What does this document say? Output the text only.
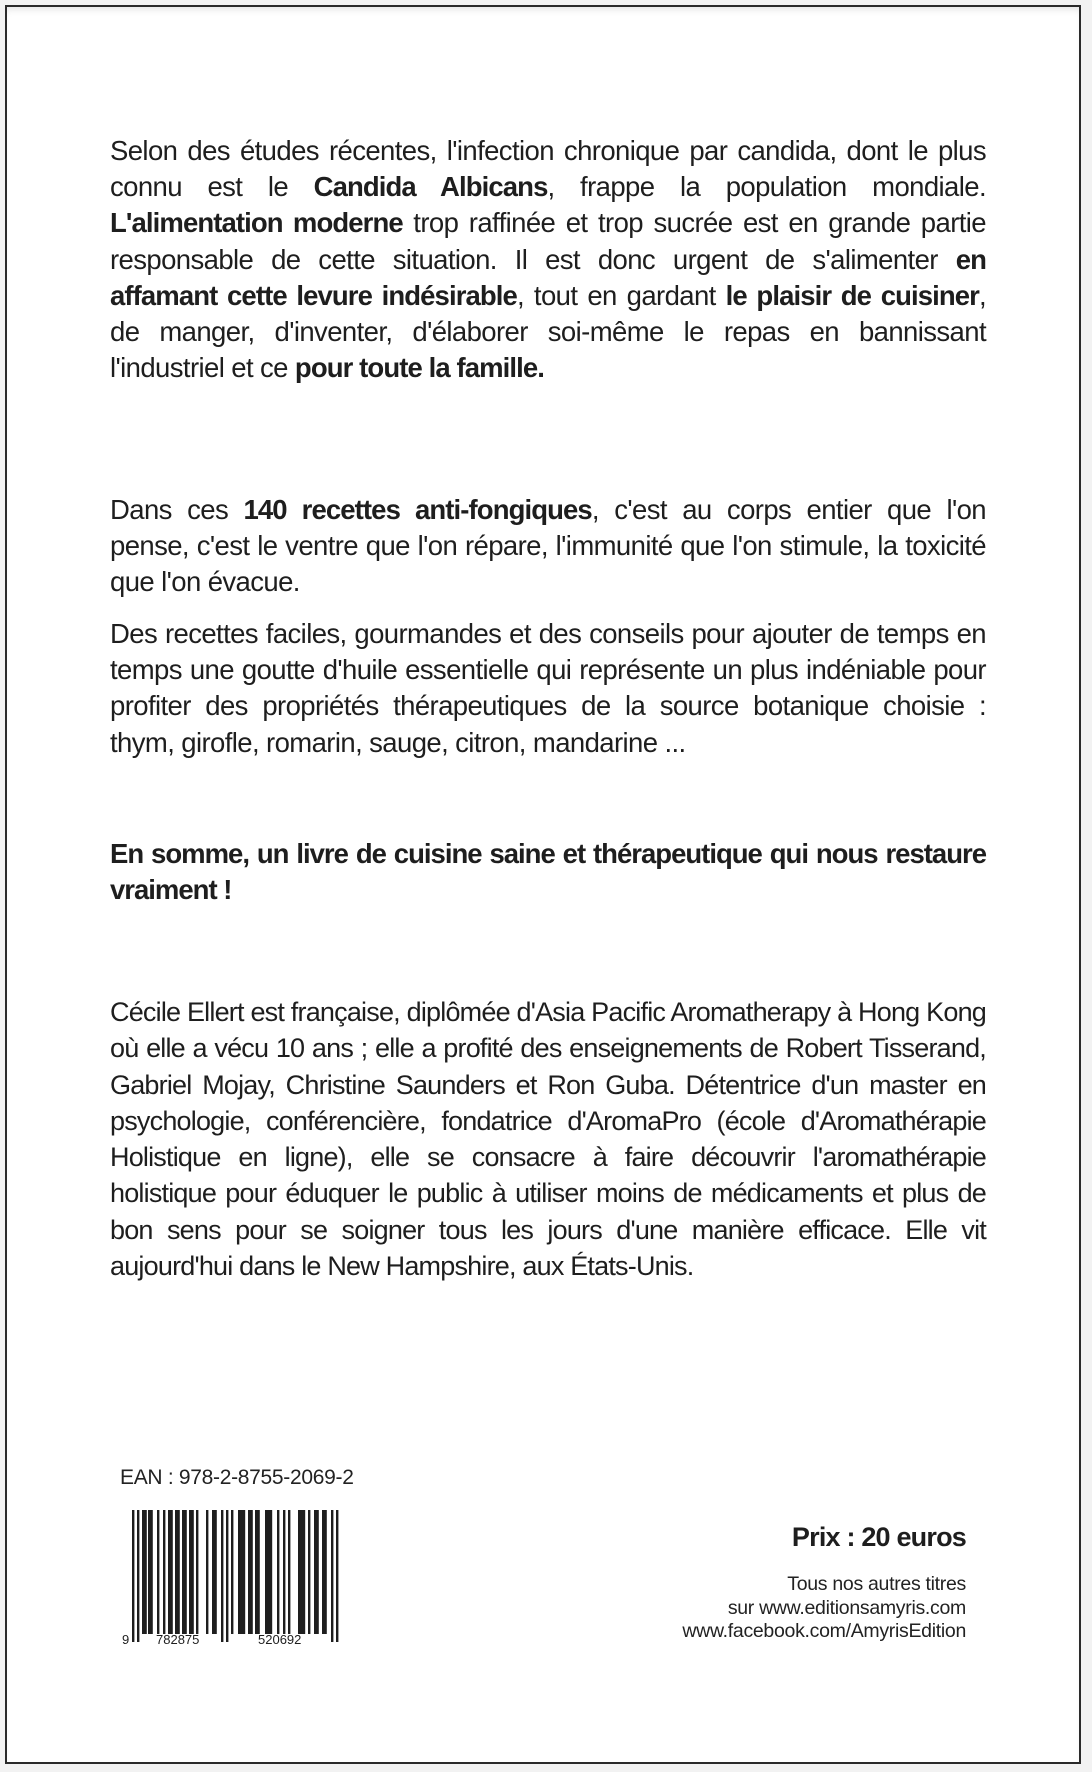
Selon des études récentes, l'infection chronique par candida, dont le plus connu est le Candida Albicans, frappe la population mondiale. L'alimentation moderne trop raffinée et trop sucrée est en grande partie responsable de cette situation. Il est donc urgent de s'alimenter en affamant cette levure indésirable, tout en gardant le plaisir de cuisiner, de manger, d'inventer, d'élaborer soi-même le repas en bannissant l'industriel et ce pour toute la famille.

Dans ces 140 recettes anti-fongiques, c'est au corps entier que l'on pense, c'est le ventre que l'on répare, l'immunité que l'on stimule, la toxicité que l'on évacue.

Des recettes faciles, gourmandes et des conseils pour ajouter de temps en temps une goutte d'huile essentielle qui représente un plus indéniable pour profiter des propriétés thérapeutiques de la source botanique choisie : thym, girofle, romarin, sauge, citron, mandarine ...

En somme, un livre de cuisine saine et thérapeutique qui nous restaure vraiment !

Cécile Ellert est française, diplômée d'Asia Pacific Aromatherapy à Hong Kong où elle a vécu 10 ans ; elle a profité des enseignements de Robert Tisserand, Gabriel Mojay, Christine Saunders et Ron Guba. Détentrice d'un master en psychologie, conférencière, fondatrice d'AromaPro (école d'Aromathérapie Holistique en ligne), elle se consacre à faire découvrir l'aromathérapie holistique pour éduquer le public à utiliser moins de médicaments et plus de bon sens pour se soigner tous les jours d'une manière efficace. Elle vit aujourd'hui dans le New Hampshire, aux États-Unis.

EAN : 978-2-8755-2069-2
9 782875	520692
Prix : 20 euros
Tous nos autres titres
sur www.editionsamyris.com
www.facebook.com/AmyrisEdition
